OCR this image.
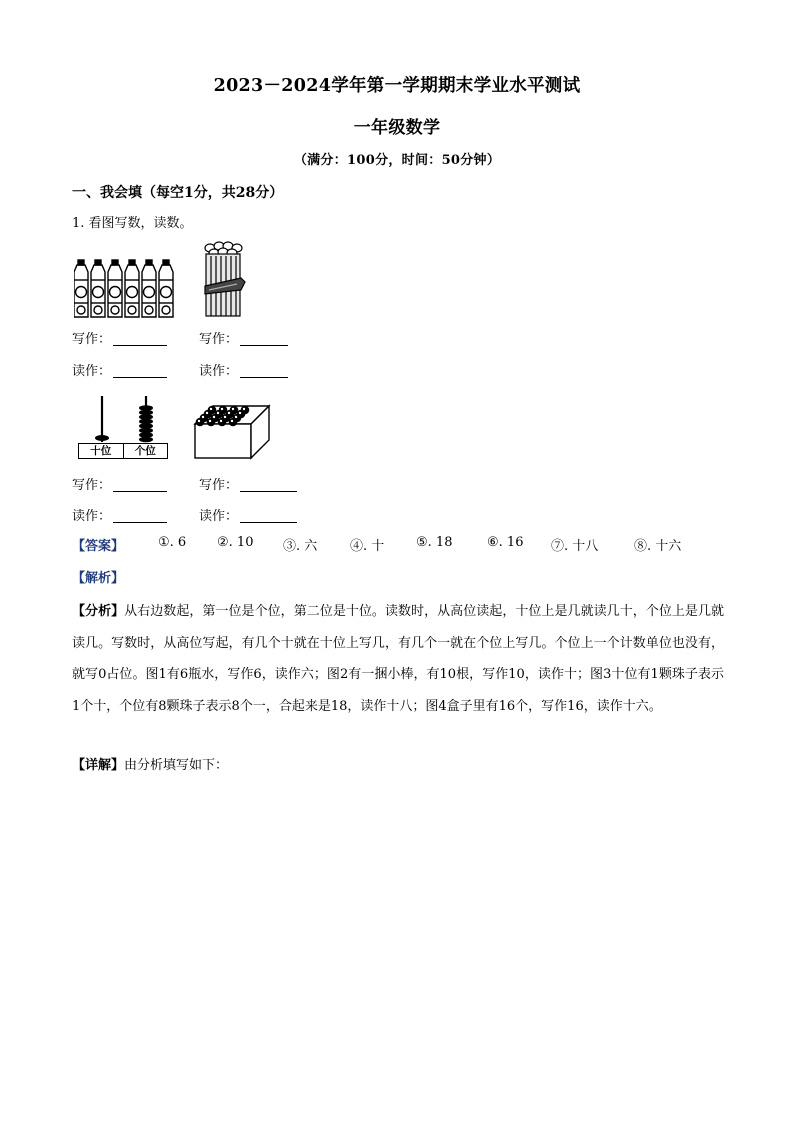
2023－2024学年第一学期期末学业水平测试
一年级数学
（满分：100分，时间：50分钟）
一、我会填（每空1分，共28分）
1. 看图写数，读数。
写作：	写作：
读作：	读作：
十位	个位
写作：	写作：
读作：	读作：
【答案】	①. 6 ②. 10 ③. 六	④. 十 ⑤. 18	⑥. 16 ⑦. 十八	⑧. 十六
【解析】
【分析】从右边数起，第一位是个位，第二位是十位。读数时，从高位读起，十位上是几就读几十，个位上是几就读几。写数时，从高位写起，有几个十就在十位上写几，有几个一就在个位上写几。个位上一个计数单位也没有，就写0占位。图1有6瓶水，写作6，读作六；图2有一捆小棒，有10根，写作10，读作十；图3十位有1颗珠子表示1个十，个位有8颗珠子表示8个一，合起来是18，读作十八；图4盒子里有16个，写作16，读作十六。
【详解】由分析填写如下：
